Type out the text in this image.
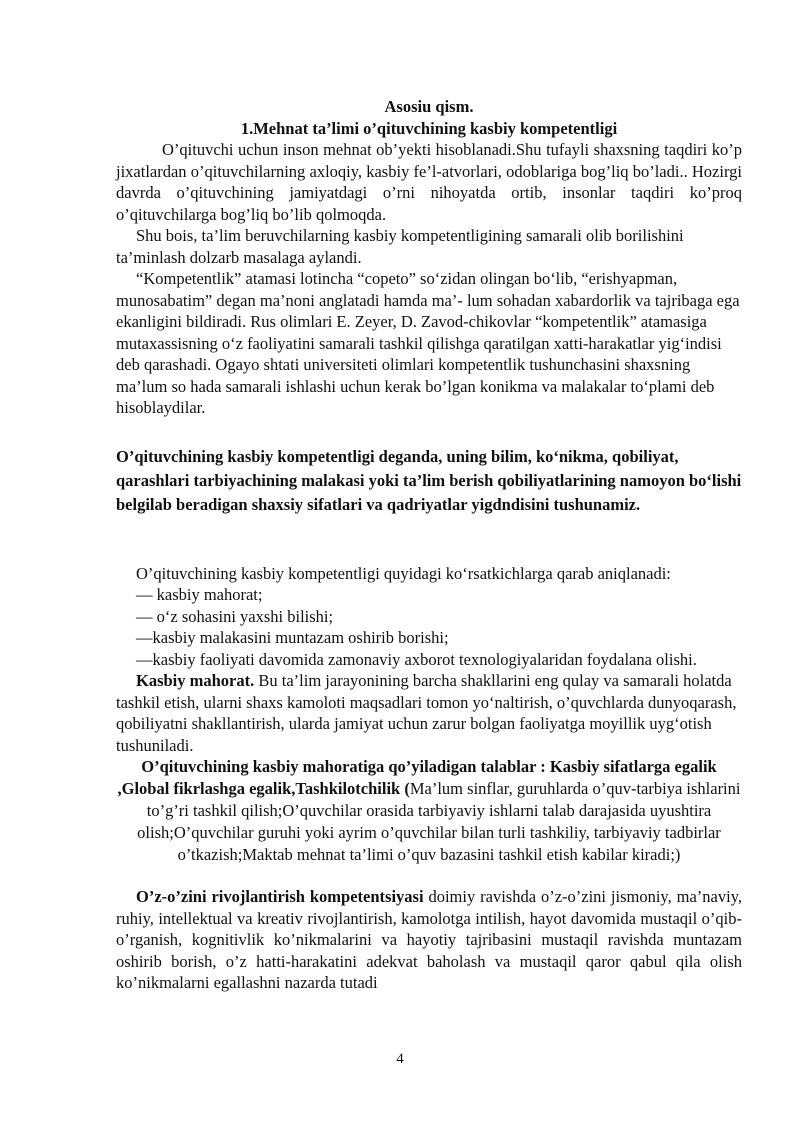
Asosiu qism.
1.Mehnat ta’limi o’qituvchining kasbiy kompetentligi

O’qituvchi uchun inson mehnat ob’yekti hisoblanadi.Shu tufayli shaxsning taqdiri ko’p jixatlardan o’qituvchilarning axloqiy, kasbiy fe’l-atvorlari, odoblariga bog’liq bo’ladi.. Hozirgi davrda o’qituvchining jamiyatdagi o’rni nihoyatda ortib, insonlar taqdiri ko’proq o’qituvchilarga bog’liq bo’lib qolmoqda.

Shu bois, ta’lim beruvchilarning kasbiy kompetentligining samarali olib borilishini ta’minlash dolzarb masalaga aylandi.

“Kompetentlik” atamasi lotincha “copeto” so‘zidan olingan bo‘lib, “erishyapman, munosabatim” degan ma’noni anglatadi hamda ma’- lum sohadan xabardorlik va tajribaga ega ekanligini bildiradi. Rus olimlari E. Zeyer, D. Zavod-chikovlar “kompetentlik” atamasiga mutaxassisning o‘z faoliyatini samarali tashkil qilishga qaratilgan xatti-harakatlar yig‘indisi deb qarashadi. Ogayo shtati universiteti olimlari kompetentlik tushunchasini shaxsning ma’lum so hada samarali ishlashi uchun kerak bo’lgan konikma va malakalar to‘plami deb hisoblaydilar.

O’qituvchining kasbiy kompetentligi deganda, uning bilim, ko‘nikma, qobiliyat, qarashlari tarbiyachining malakasi yoki ta’lim berish qobiliyatlarining namoyon bo‘lishi belgilab beradigan shaxsiy sifatlari va qadriyatlar yigdndisini tushunamiz.

O’qituvchining kasbiy kompetentligi quyidagi ko‘rsatkichlarga qarab aniqlanadi:

— kasbiy mahorat;

— o‘z sohasini yaxshi bilishi;

—kasbiy malakasini muntazam oshirib borishi;

—kasbiy faoliyati davomida zamonaviy axborot texnologiyalaridan foydalana olishi.

Kasbiy mahorat. Bu ta’lim jarayonining barcha shakllarini eng qulay va samarali holatda tashkil etish, ularni shaxs kamoloti maqsadlari tomon yo‘naltirish, o’quvchlarda dunyoqarash, qobiliyatni shakllantirish, ularda jamiyat uchun zarur bolgan faoliyatga moyillik uyg‘otish tushuniladi.

O’qituvchining kasbiy mahoratiga qo’yiladigan talablar : Kasbiy sifatlarga egalik ,Global fikrlashga egalik,Tashkilotchilik (Ma’lum sinflar, guruhlarda o’quv-tarbiya ishlarini to’g’ri tashkil qilish;O’quvchilar orasida tarbiyaviy ishlarni talab darajasida uyushtira olish;O’quvchilar guruhi yoki ayrim o’quvchilar bilan turli tashkiliy, tarbiyaviy tadbirlar o’tkazish;Maktab mehnat ta’limi o’quv bazasini tashkil etish kabilar kiradi;)

O’z-o’zini rivojlantirish kompetentsiyasi doimiy ravishda o’z-o’zini jismoniy, ma’naviy, ruhiy, intellektual va kreativ rivojlantirish, kamolotga intilish, hayot davomida mustaqil o’qib-o’rganish, kognitivlik ko’nikmalarini va hayotiy tajribasini mustaqil ravishda muntazam oshirib borish, o’z hatti-harakatini adekvat baholash va mustaqil qaror qabul qila olish ko’nikmalarni egallashni nazarda tutadi

4
